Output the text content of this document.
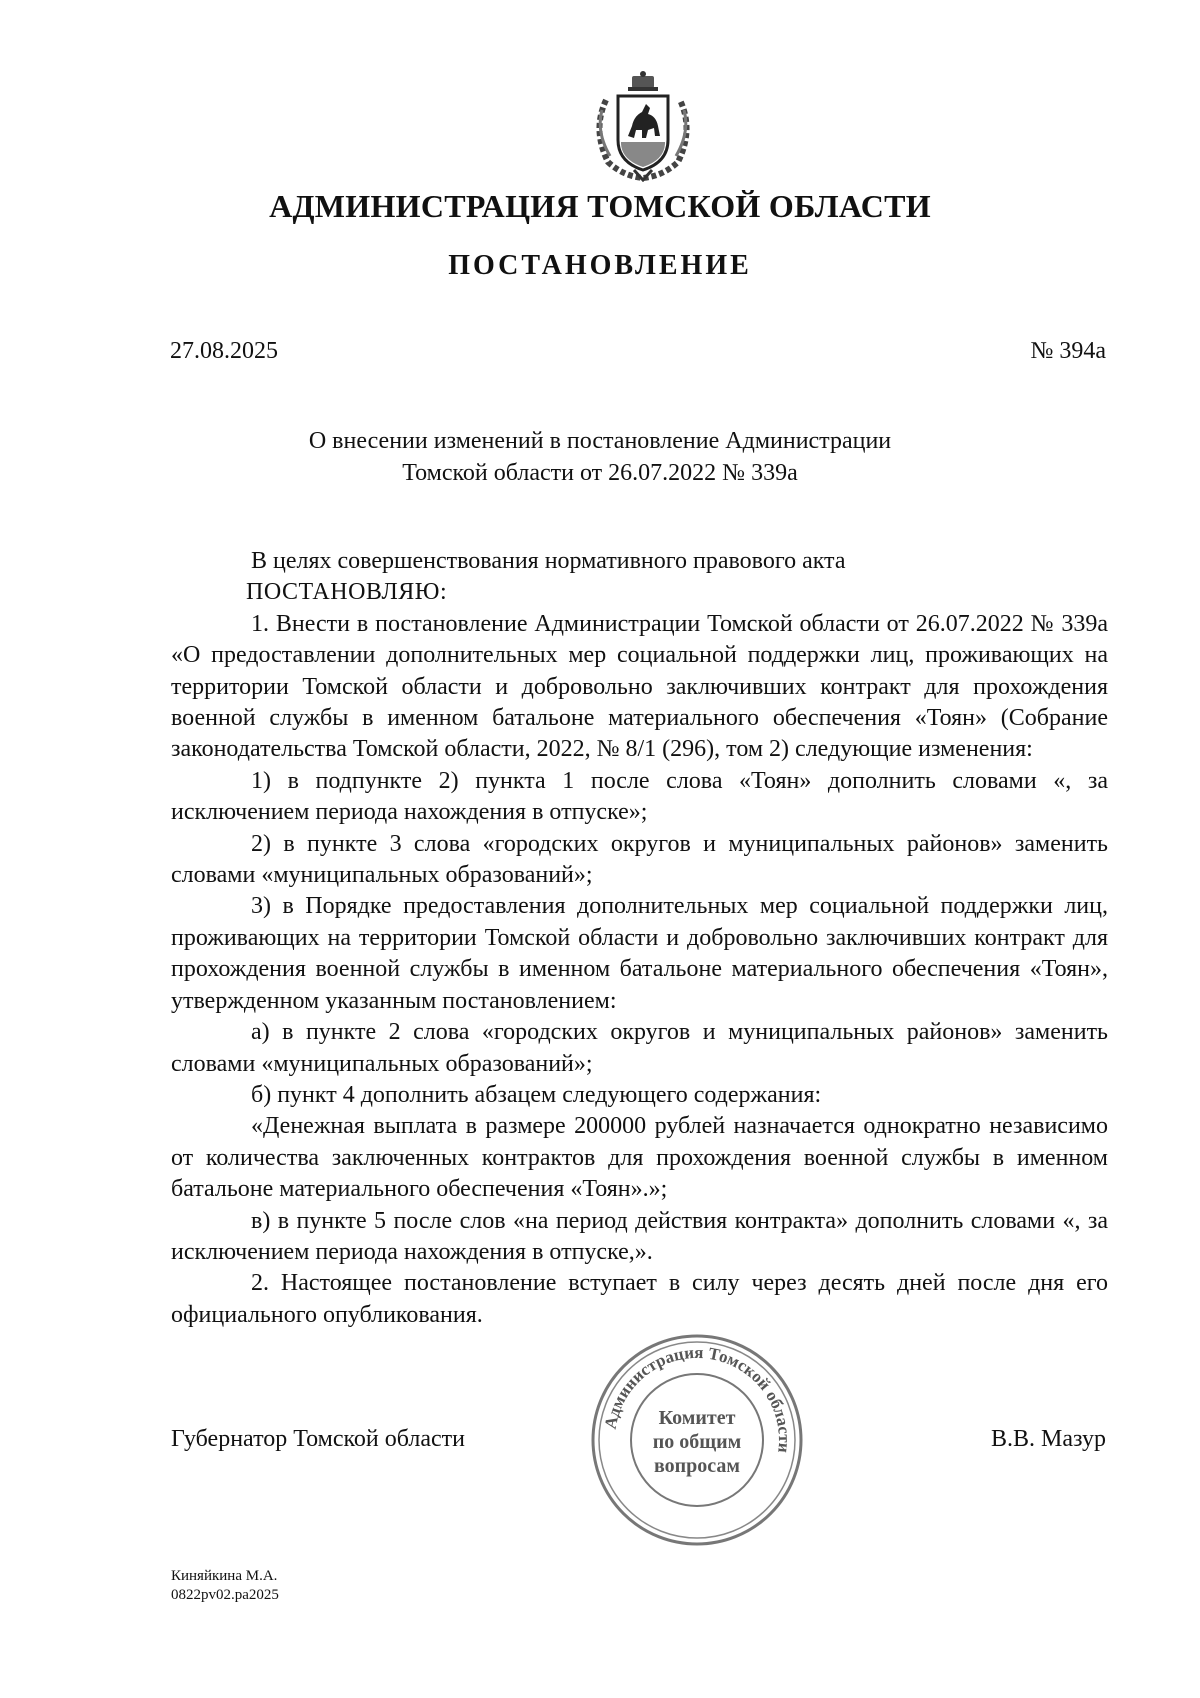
АДМИНИСТРАЦИЯ ТОМСКОЙ ОБЛАСТИ
ПОСТАНОВЛЕНИЕ
27.08.2025	№ 394а
О внесении изменений в постановление Администрации
Томской области от 26.07.2022 № 339а

В целях совершенствования нормативного правового акта

ПОСТАНОВЛЯЮ:

1. Внести в постановление Администрации Томской области от 26.07.2022 № 339а «О предоставлении дополнительных мер социальной поддержки лиц, проживающих на территории Томской области и добровольно заключивших контракт для прохождения военной службы в именном батальоне материального обеспечения «Тоян» (Собрание законодательства Томской области, 2022, № 8/1 (296), том 2) следующие изменения:

1) в подпункте 2) пункта 1 после слова «Тоян» дополнить словами «, за исключением периода нахождения в отпуске»;

2) в пункте 3 слова «городских округов и муниципальных районов» заменить словами «муниципальных образований»;

3) в Порядке предоставления дополнительных мер социальной поддержки лиц, проживающих на территории Томской области и добровольно заключивших контракт для прохождения военной службы в именном батальоне материального обеспечения «Тоян», утвержденном указанным постановлением:

а) в пункте 2 слова «городских округов и муниципальных районов» заменить словами «муниципальных образований»;

б) пункт 4 дополнить абзацем следующего содержания:

«Денежная выплата в размере 200000 рублей назначается однократно независимо от количества заключенных контрактов для прохождения военной службы в именном батальоне материального обеспечения «Тоян».»;

в) в пункте 5 после слов «на период действия контракта» дополнить словами «, за исключением периода нахождения в отпуске,».

2. Настоящее постановление вступает в силу через десять дней после дня его официального опубликования.

Губернатор Томской области	В.В. Мазур
Администрация Томской области
Комитет
по общим
вопросам
Киняйкина М.А.
0822pv02.pa2025
